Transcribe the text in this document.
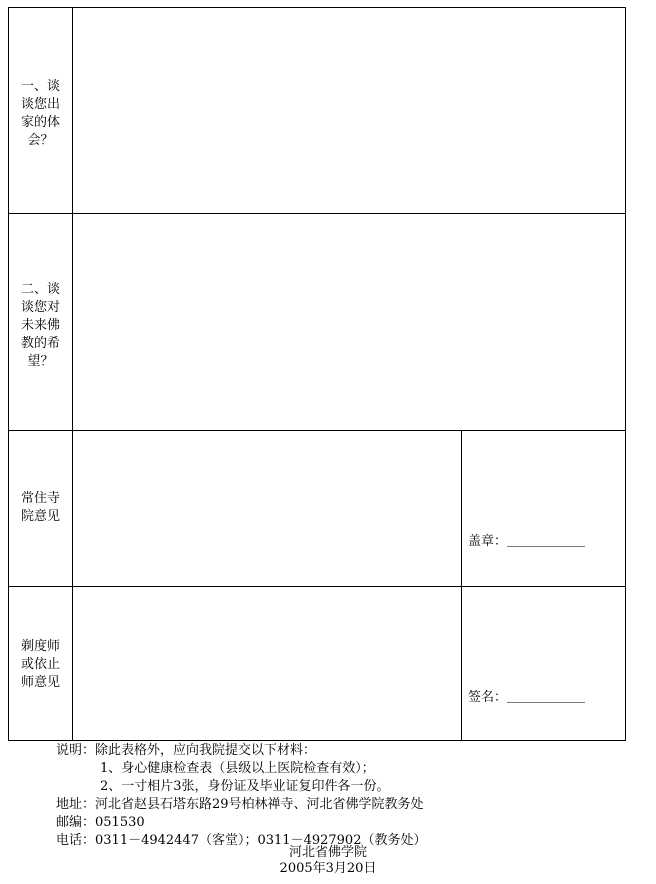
一、谈
谈您出
家的体
会？
二、谈
谈您对
未来佛
教的希
望？
常住寺
院意见
盖章：＿＿＿＿＿＿
剃度师
或依止
师意见
签名：＿＿＿＿＿＿
说明：除此表格外，应向我院提交以下材料：
1、身心健康检查表（县级以上医院检查有效）；
2、一寸相片3张，身份证及毕业证复印件各一份。
地址：河北省赵县石塔东路29号柏林禅寺、河北省佛学院教务处
邮编：051530
电话：0311－4942447（客堂）；0311－4927902（教务处）
河北省佛学院
2005年3月20日
